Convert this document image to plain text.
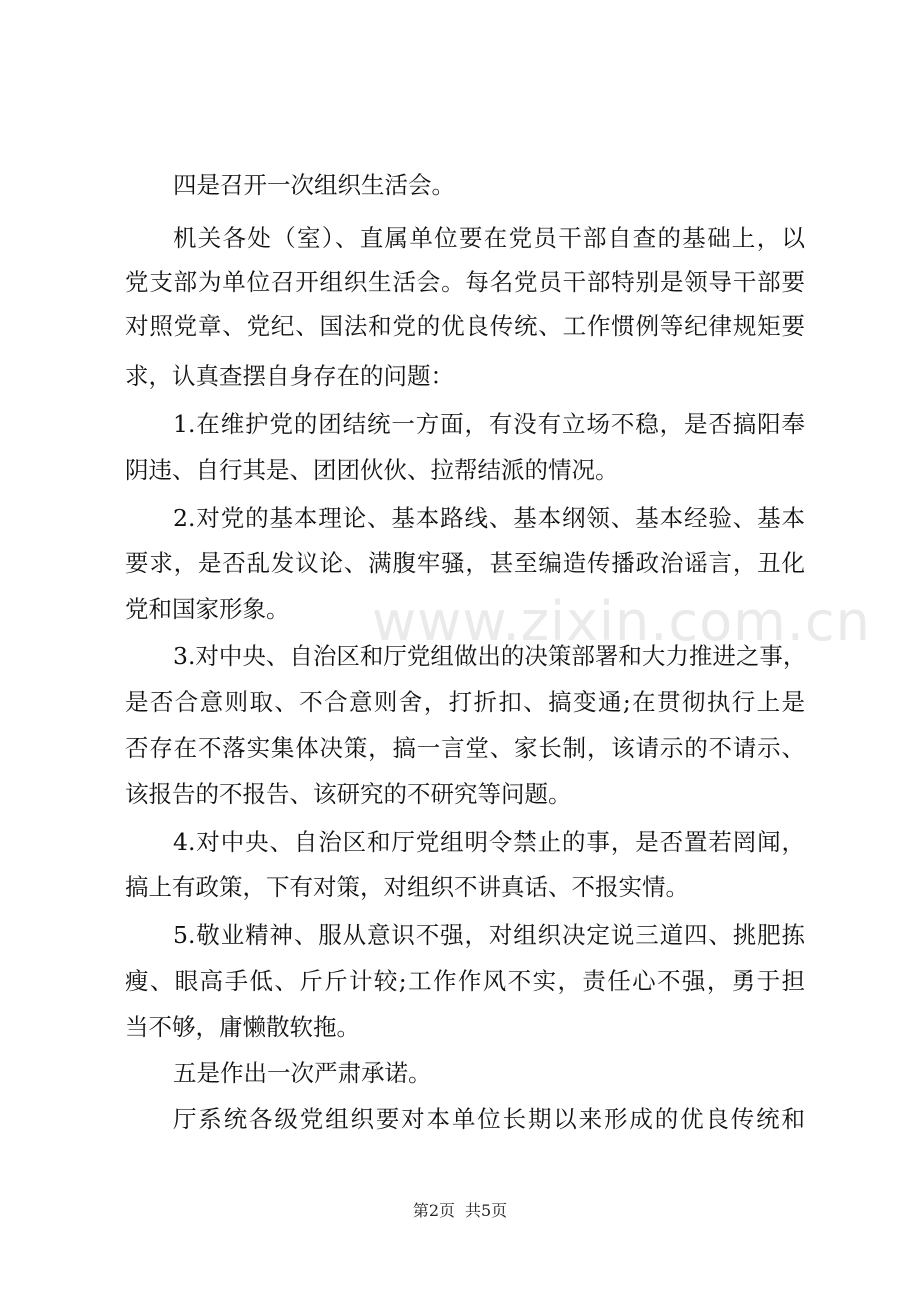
四是召开一次组织生活会。
机关各处（室）、直属单位要在党员干部自查的基础上，以
党支部为单位召开组织生活会。每名党员干部特别是领导干部要
对照党章、党纪、国法和党的优良传统、工作惯例等纪律规矩要
求，认真查摆自身存在的问题：
1.在维护党的团结统一方面，有没有立场不稳，是否搞阳奉
阴违、自行其是、团团伙伙、拉帮结派的情况。
2.对党的基本理论、基本路线、基本纲领、基本经验、基本
要求，是否乱发议论、满腹牢骚，甚至编造传播政治谣言，丑化
党和国家形象。
3.对中央、自治区和厅党组做出的决策部署和大力推进之事，
是否合意则取、不合意则舍，打折扣、搞变通;在贯彻执行上是
否存在不落实集体决策，搞一言堂、家长制，该请示的不请示、
该报告的不报告、该研究的不研究等问题。
4.对中央、自治区和厅党组明令禁止的事，是否置若罔闻，
搞上有政策，下有对策，对组织不讲真话、不报实情。
5.敬业精神、服从意识不强，对组织决定说三道四、挑肥拣
瘦、眼高手低、斤斤计较;工作作风不实，责任心不强，勇于担
当不够，庸懒散软拖。
五是作出一次严肃承诺。
厅系统各级党组织要对本单位长期以来形成的优良传统和
www.zixin.com.cn
第2页 共5页
